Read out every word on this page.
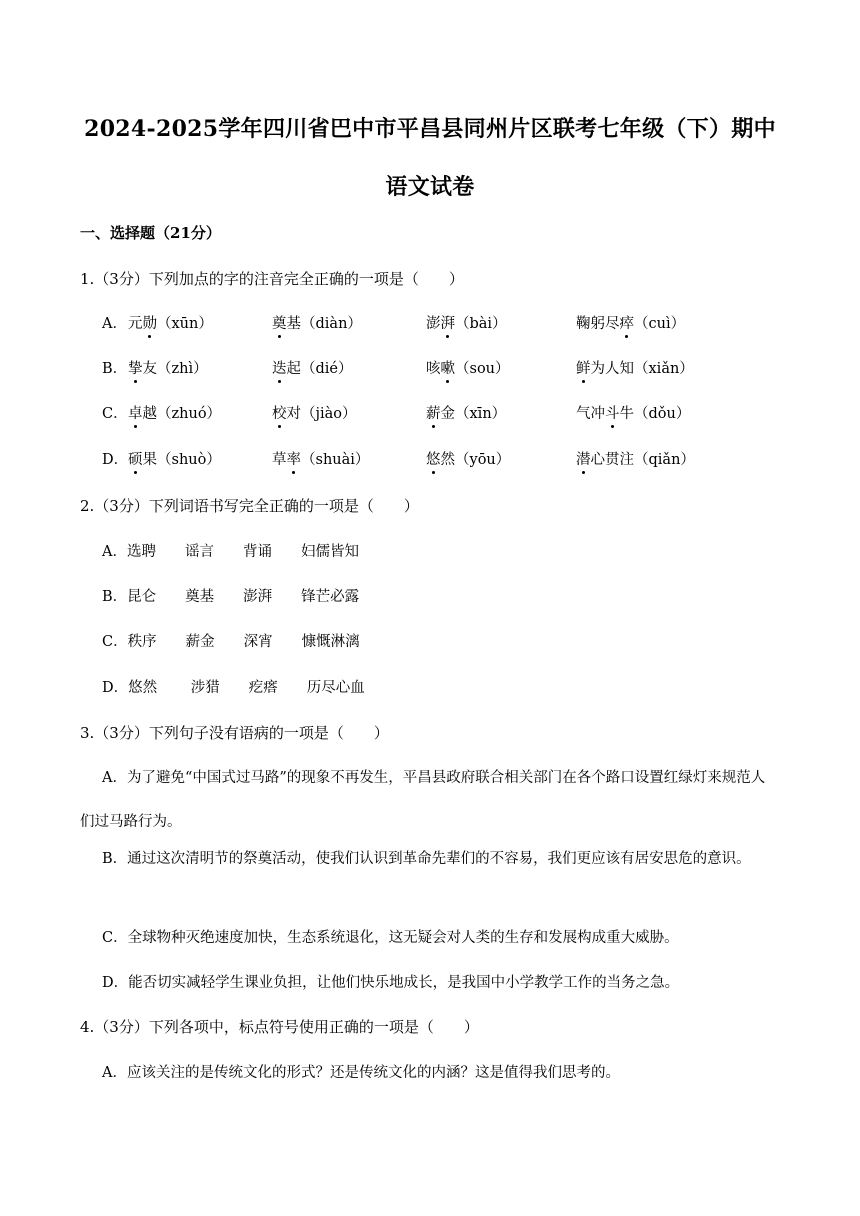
2024-2025学年四川省巴中市平昌县同州片区联考七年级（下）期中
语文试卷
一、选择题（21分）
1.（3分）下列加点的字的注音完全正确的一项是（　　）
A． 元勋（xūn）	奠基（diàn）	澎湃（bài）	鞠躬尽瘁（cuì）
B． 挚友（zhì）	迭起（dié）	咳嗽（sou）	鲜为人知（xiǎn）
C． 卓越（zhuó）	校对（jiào）	薪金（xīn）	气冲斗牛（dǒu）
D． 硕果（shuò）	草率（shuài）	悠然（yōu）	潜心贯注（qiǎn）
2.（3分）下列词语书写完全正确的一项是（　　）
A．选聘　　谣言　　背诵　　妇儒皆知
B．昆仑　　奠基　　澎湃　　锋芒必露
C．秩序　　薪金　　深宵　　慷慨淋漓
D．悠然　　 涉猎　　疙瘩　　历尽心血
3.（3分）下列句子没有语病的一项是（　　）
A．为了避免“中国式过马路”的现象不再发生，平昌县政府联合相关部门在各个路口设置红绿灯来规范人们过马路行为。
B．通过这次清明节的祭奠活动，使我们认识到革命先辈们的不容易，我们更应该有居安思危的意识。
C．全球物种灭绝速度加快，生态系统退化，这无疑会对人类的生存和发展构成重大威胁。
D．能否切实减轻学生课业负担，让他们快乐地成长，是我国中小学教学工作的当务之急。
4.（3分）下列各项中，标点符号使用正确的一项是（　　）
A．应该关注的是传统文化的形式？还是传统文化的内涵？这是值得我们思考的。
